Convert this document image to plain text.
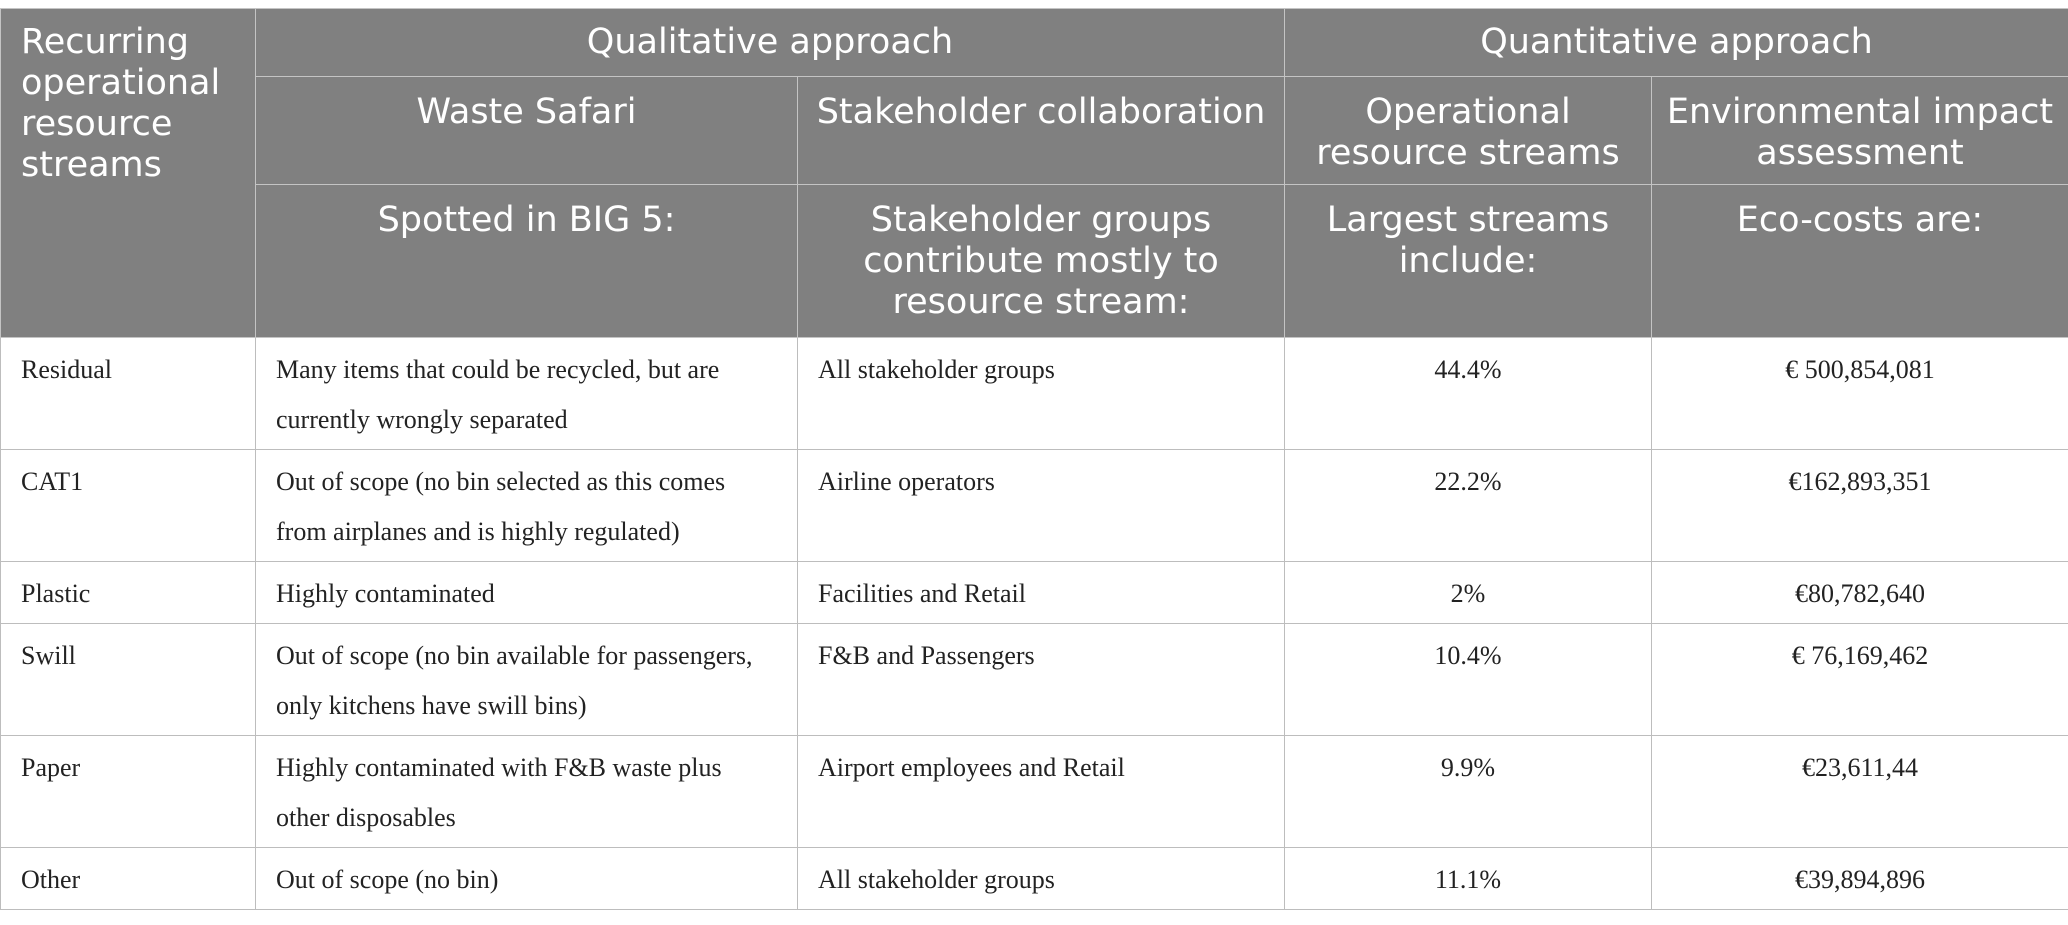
Recurring operational resource streams	Qualitative approach		Quantitative approach	
	Waste Safari	Stakeholder collaboration	Operational resource streams	Environmental impact assessment
	Spotted in BIG 5:	Stakeholder groups contribute mostly to resource stream:	Largest streams include:	Eco-costs are:
Residual	Many items that could be recycled, but are currently wrongly separated	All stakeholder groups	44.4%	€ 500,854,081
CAT1	Out of scope (no bin selected as this comes from airplanes and is highly regulated)	Airline operators	22.2%	€162,893,351
Plastic	Highly contaminated	Facilities and Retail	2%	€80,782,640
Swill	Out of scope (no bin available for passengers, only kitchens have swill bins)	F&B and Passengers	10.4%	€ 76,169,462
Paper	Highly contaminated with F&B waste plus other disposables	Airport employees and Retail	9.9%	€23,611,44
Other	Out of scope (no bin)	All stakeholder groups	11.1%	€39,894,896
